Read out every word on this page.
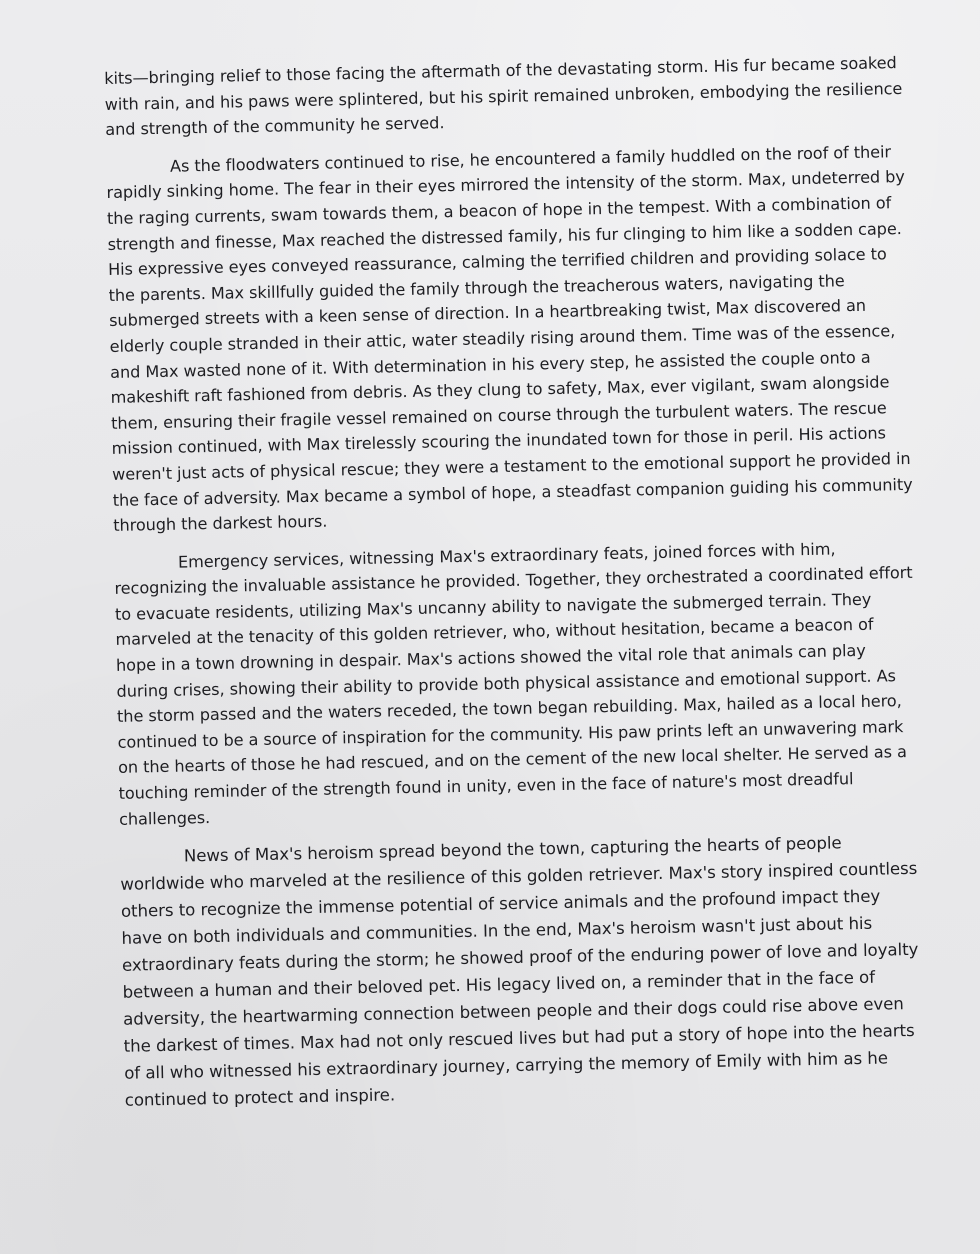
kits—bringing relief to those facing the aftermath of the devastating storm. His fur became soaked with rain, and his paws were splintered, but his spirit remained unbroken, embodying the resilience and strength of the community he served.

As the floodwaters continued to rise, he encountered a family huddled on the roof of their rapidly sinking home. The fear in their eyes mirrored the intensity of the storm. Max, undeterred by the raging currents, swam towards them, a beacon of hope in the tempest. With a combination of strength and finesse, Max reached the distressed family, his fur clinging to him like a sodden cape. His expressive eyes conveyed reassurance, calming the terrified children and providing solace to the parents. Max skillfully guided the family through the treacherous waters, navigating the submerged streets with a keen sense of direction. In a heartbreaking twist, Max discovered an elderly couple stranded in their attic, water steadily rising around them. Time was of the essence, and Max wasted none of it. With determination in his every step, he assisted the couple onto a makeshift raft fashioned from debris. As they clung to safety, Max, ever vigilant, swam alongside them, ensuring their fragile vessel remained on course through the turbulent waters. The rescue mission continued, with Max tirelessly scouring the inundated town for those in peril. His actions weren't just acts of physical rescue; they were a testament to the emotional support he provided in the face of adversity. Max became a symbol of hope, a steadfast companion guiding his community through the darkest hours.

Emergency services, witnessing Max's extraordinary feats, joined forces with him, recognizing the invaluable assistance he provided. Together, they orchestrated a coordinated effort to evacuate residents, utilizing Max's uncanny ability to navigate the submerged terrain. They marveled at the tenacity of this golden retriever, who, without hesitation, became a beacon of hope in a town drowning in despair. Max's actions showed the vital role that animals can play during crises, showing their ability to provide both physical assistance and emotional support. As the storm passed and the waters receded, the town began rebuilding. Max, hailed as a local hero, continued to be a source of inspiration for the community. His paw prints left an unwavering mark on the hearts of those he had rescued, and on the cement of the new local shelter. He served as a touching reminder of the strength found in unity, even in the face of nature's most dreadful challenges.

News of Max's heroism spread beyond the town, capturing the hearts of people worldwide who marveled at the resilience of this golden retriever. Max's story inspired countless others to recognize the immense potential of service animals and the profound impact they have on both individuals and communities. In the end, Max's heroism wasn't just about his extraordinary feats during the storm; he showed proof of the enduring power of love and loyalty between a human and their beloved pet. His legacy lived on, a reminder that in the face of adversity, the heartwarming connection between people and their dogs could rise above even the darkest of times. Max had not only rescued lives but had put a story of hope into the hearts of all who witnessed his extraordinary journey, carrying the memory of Emily with him as he continued to protect and inspire.
